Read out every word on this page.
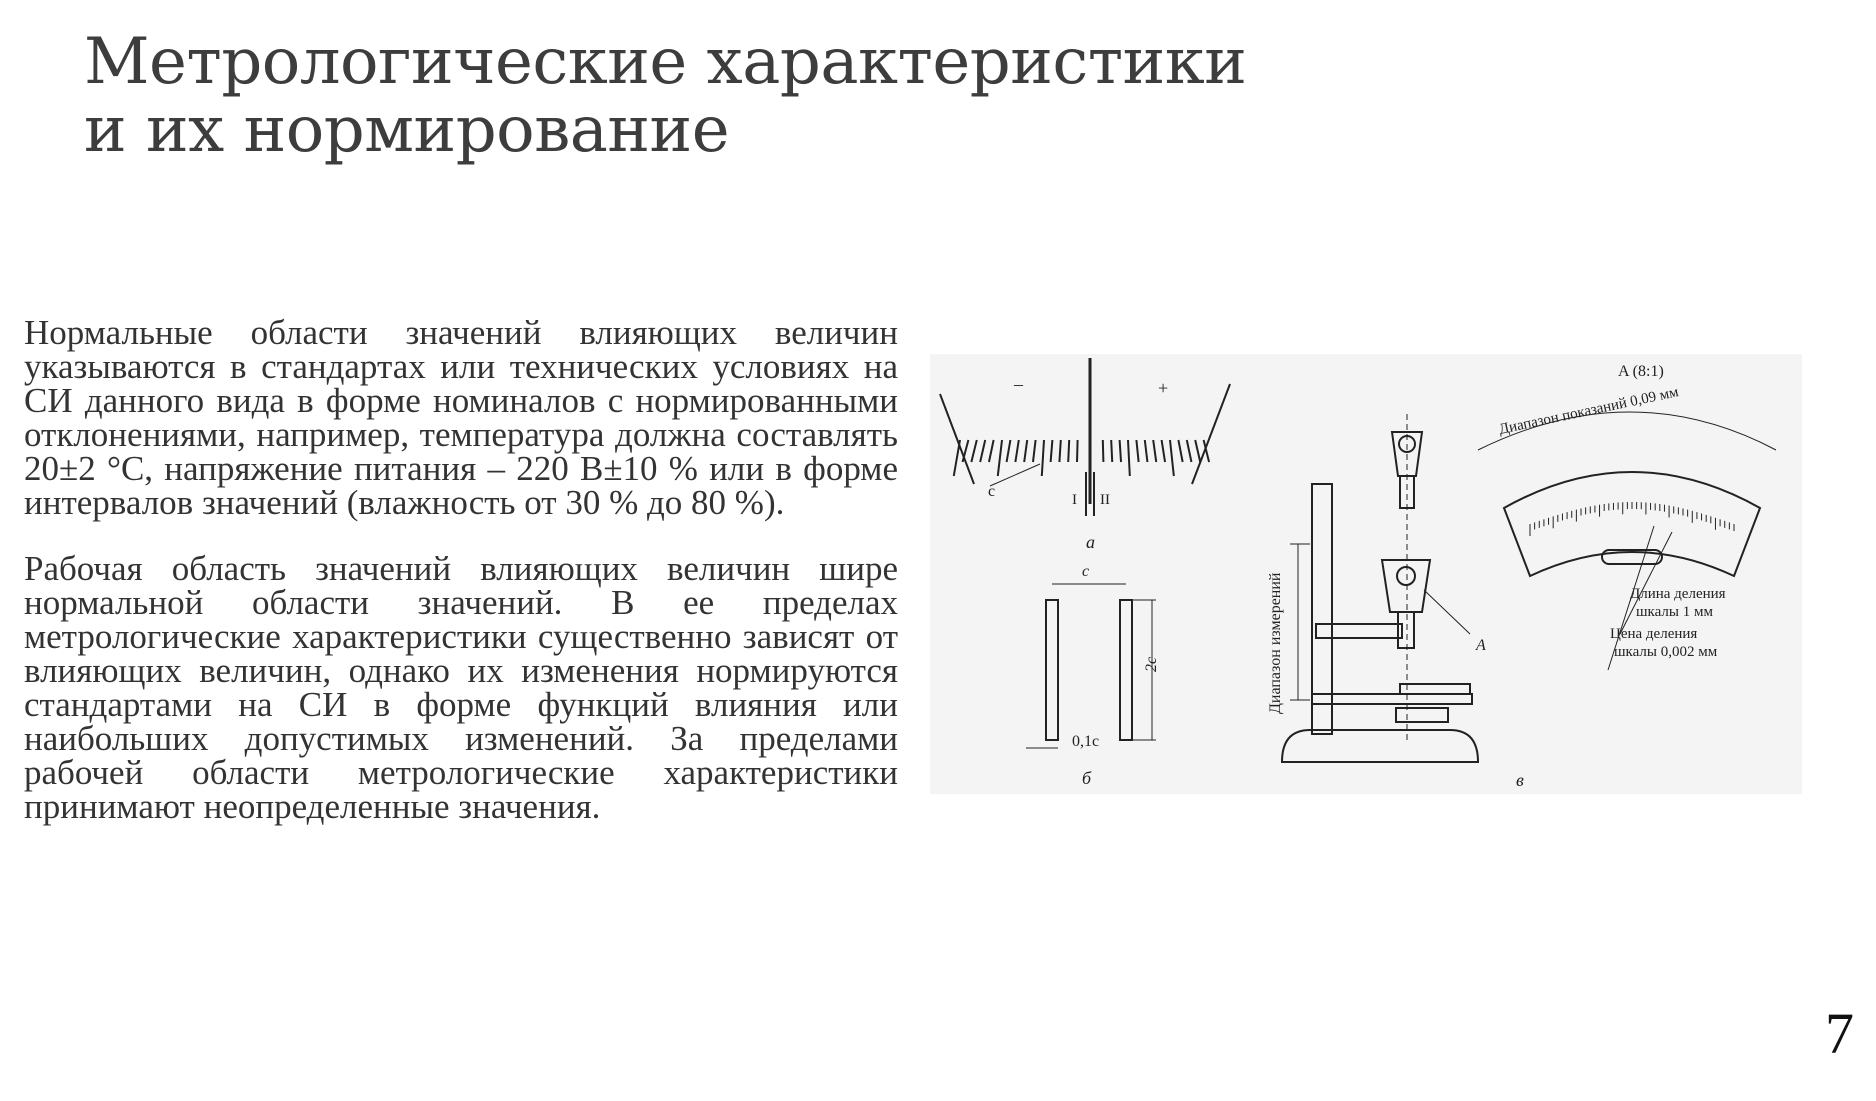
Метрологические характеристики
и их нормирование

Нормальные области значений влияющих величин указываются в стандартах или технических условиях на СИ данного вида в форме номиналов с нормированными отклонениями, например, температура должна составлять 20±2 °С, напряжение питания – 220 В±10 % или в форме интервалов значений (влажность от 30 % до 80 %).

Рабочая область значений влияющих величин шире нормальной области значений. В ее пределах метрологические характеристики существенно зависят от влияющих величин, однако их изменения нормируются стандартами на СИ в форме функций влияния или наибольших допустимых изменений. За пределами рабочей области метрологические характеристики принимают неопределенные значения.

–	+
c	I II
а
c
2c
0,1c
б
Диапазон измерений	A
в
A (8:1)
Диапазон показаний 0,09 мм
Длина деления
шкалы 1 мм
Цена деления
шкалы 0,002 мм
7
